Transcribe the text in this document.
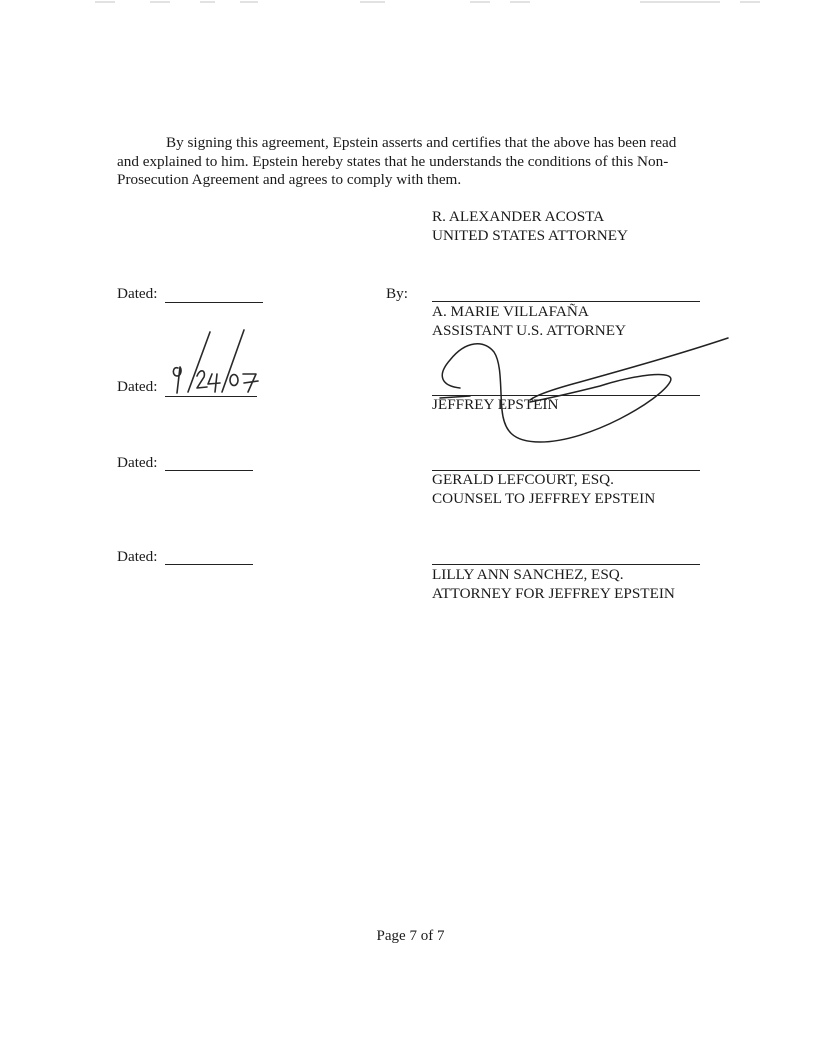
By signing this agreement, Epstein asserts and certifies that the above has been read
and explained to him. Epstein hereby states that he understands the conditions of this Non-
Prosecution Agreement and agrees to comply with them.

R. ALEXANDER ACOSTA
UNITED STATES ATTORNEY
Dated:	By:
A. MARIE VILLAFAÑA
ASSISTANT U.S. ATTORNEY
Dated:
JEFFREY EPSTEIN
Dated:
GERALD LEFCOURT, ESQ.
COUNSEL TO JEFFREY EPSTEIN
Dated:
LILLY ANN SANCHEZ, ESQ.
ATTORNEY FOR JEFFREY EPSTEIN
Page 7 of 7
